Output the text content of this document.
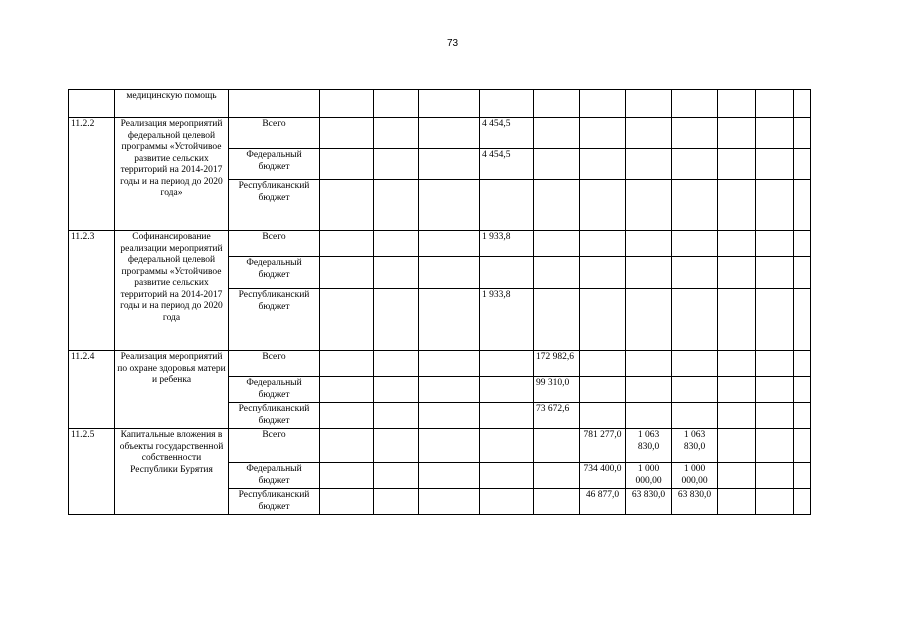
73
	медицинскую помощь												
11.2.2	Реализация мероприятий федеральной целевой программы «Устойчивое развитие сельских территорий на 2014-2017 годы и на период до 2020 года»	Всего				4 454,5							
		Федеральный бюджет				4 454,5							
		Республиканский бюджет											
11.2.3	Софинансирование реализации мероприятий федеральной целевой программы «Устойчивое развитие сельских территорий на 2014-2017 годы и на период до 2020 года	Всего				1 933,8							
		Федеральный бюджет											
		Республиканский бюджет				1 933,8							
11.2.4	Реализация мероприятий по охране здоровья матери и ребенка	Всего					172 982,6						
		Федеральный бюджет					99 310,0						
		Республиканский бюджет					73 672,6						
11.2.5	Капитальные вложения в объекты государственной собственности Республики Бурятия	Всего						781 277,0	1 063 830,0	1 063 830,0			
		Федеральный бюджет						734 400,0	1 000 000,00	1 000 000,00			
		Республиканский бюджет						46 877,0	63 830,0	63 830,0			
